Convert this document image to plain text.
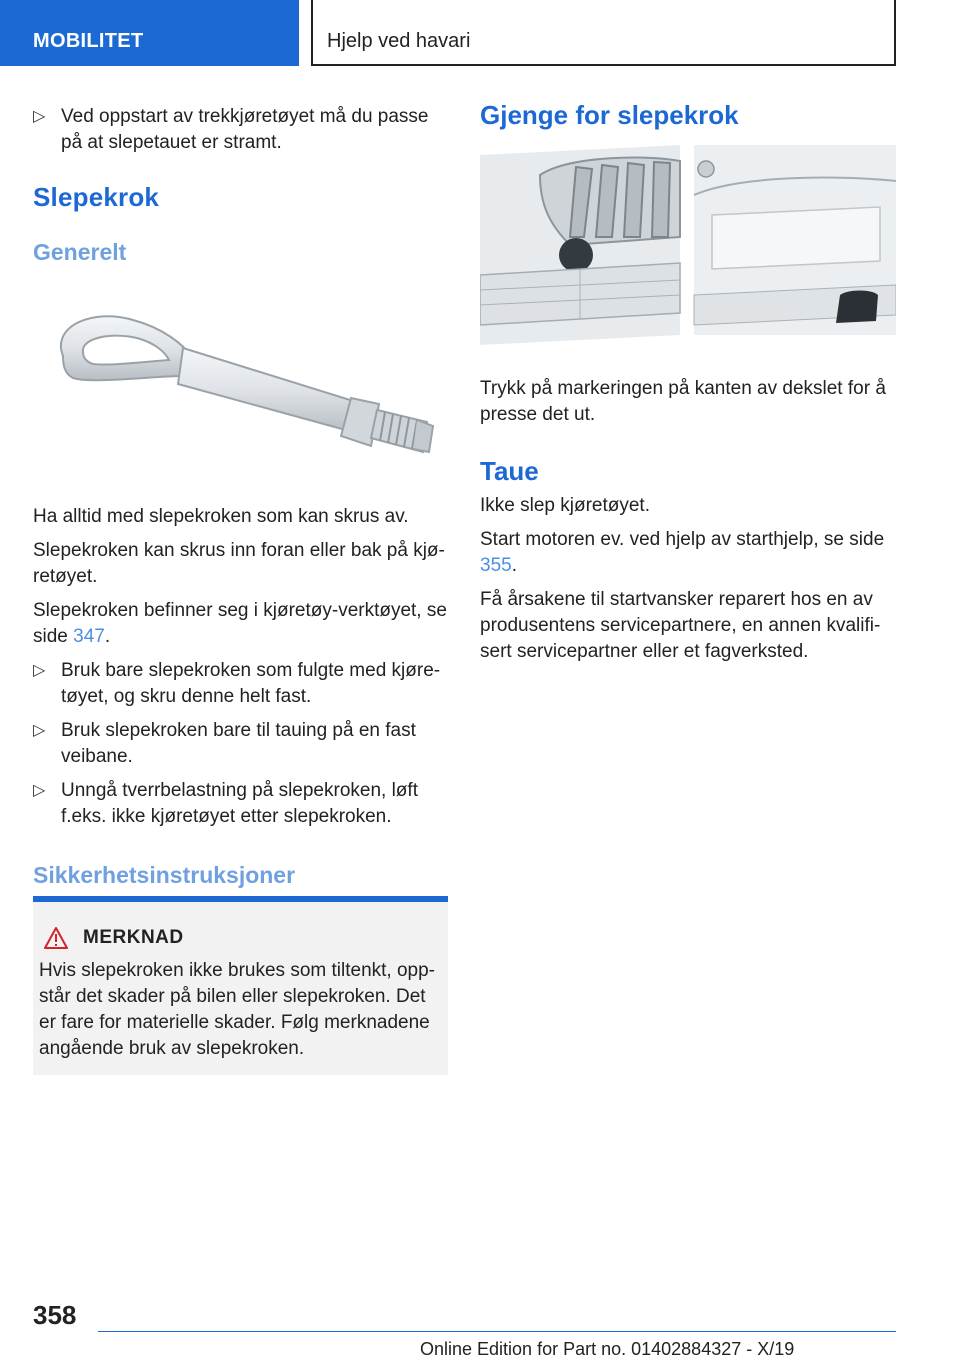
MOBILITET	Hjelp ved havari
▷ Ved oppstart av trekkjøretøyet må du passe på at slepetauet er stramt.
Slepekrok
Generelt

Ha alltid med slepekroken som kan skrus av.

Slepekroken kan skrus inn foran eller bak på kjøretøyet.

Slepekroken befinner seg i kjøretøy-verktøyet, se side 347.

▷ Bruk bare slepekroken som fulgte med kjøretøyet, og skru denne helt fast.
▷ Bruk slepekroken bare til tauing på en fast veibane.
▷ Unngå tverrbelastning på slepekroken, løft f.eks. ikke kjøretøyet etter slepekroken.
Sikkerhetsinstruksjoner
MERKNAD
Hvis slepekroken ikke brukes som tiltenkt, oppstår det skader på bilen eller slepekroken. Det er fare for materielle skader. Følg merknadene angående bruk av slepekroken.
Gjenge for slepekrok

Trykk på markeringen på kanten av dekslet for å presse det ut.

Taue

Ikke slep kjøretøyet.

Start motoren ev. ved hjelp av starthjelp, se side 355.

Få årsakene til startvansker reparert hos en av produsentens servicepartnere, en annen kvalifisert servicepartner eller et fagverksted.

358
Online Edition for Part no. 01402884327 - X/19
